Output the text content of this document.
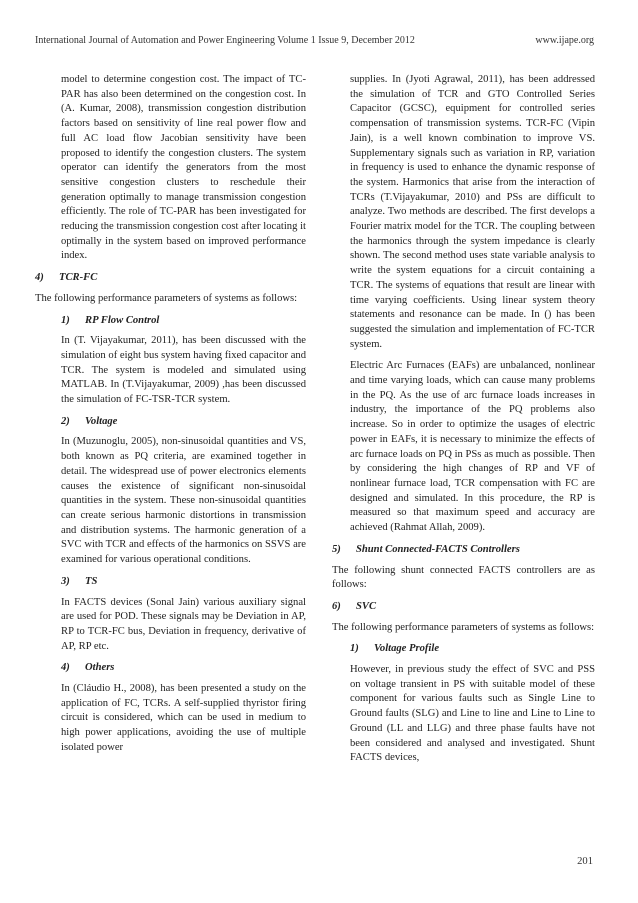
International Journal of Automation and Power Engineering Volume 1 Issue 9, December 2012	www.ijape.org

model to determine congestion cost. The impact of TC-PAR has also been determined on the congestion cost. In (A. Kumar, 2008), transmission congestion distribution factors based on sensitivity of line real power flow and full AC load flow Jacobian sensitivity have been proposed to identify the congestion clusters. The system operator can identify the generators from the most sensitive congestion clusters to reschedule their generation optimally to manage transmission congestion efficiently. The role of TC-PAR has been investigated for reducing the transmission congestion cost after locating it optimally in the system based on improved performance index.

4) TCR-FC

The following performance parameters of systems as follows:

1) RP Flow Control

In (T. Vijayakumar, 2011), has been discussed with the simulation of eight bus system having fixed capacitor and TCR. The system is modeled and simulated using MATLAB. In (T.Vijayakumar, 2009) ,has been discussed the simulation of FC-TSR-TCR system.

2) Voltage

In (Muzunoglu, 2005), non-sinusoidal quantities and VS, both known as PQ criteria, are examined together in detail. The widespread use of power electronics elements causes the existence of significant non-sinusoidal quantities in the system. These non-sinusoidal quantities can create serious harmonic distortions in transmission and distribution systems. The harmonic generation of a SVC with TCR and effects of the harmonics on SSVS are examined for various operational conditions.

3) TS

In FACTS devices (Sonal Jain) various auxiliary signal are used for POD. These signals may be Deviation in AP, RP to TCR-FC bus, Deviation in frequency, derivative of AP, RP etc.

4) Others

In (Cláudio H., 2008), has been presented a study on the application of FC, TCRs. A self-supplied thyristor firing circuit is considered, which can be used in medium to high power applications, avoiding the use of multiple isolated power

supplies. In (Jyoti Agrawal, 2011), has been addressed the simulation of TCR and GTO Controlled Series Capacitor (GCSC), equipment for controlled series compensation of transmission systems. TCR-FC (Vipin Jain), is a well known combination to improve VS. Supplementary signals such as variation in RP, variation in frequency is used to enhance the dynamic response of the system. Harmonics that arise from the interaction of TCRs (T.Vijayakumar, 2010) and PSs are difficult to analyze. Two methods are described. The first develops a Fourier matrix model for the TCR. The coupling between the harmonics through the system impedance is clearly shown. The second method uses state variable analysis to write the system equations for a circuit containing a TCR. The systems of equations that result are linear with time varying coefficients. Using linear system theory statements and resonance can be made. In () has been suggested the simulation and implementation of FC-TCR system.

Electric Arc Furnaces (EAFs) are unbalanced, nonlinear and time varying loads, which can cause many problems in the PQ. As the use of arc furnace loads increases in industry, the importance of the PQ problems also increase. So in order to optimize the usages of electric power in EAFs, it is necessary to minimize the effects of arc furnace loads on PQ in PSs as much as possible. Then by considering the high changes of RP and VF of nonlinear furnace load, TCR compensation with FC are designed and simulated. In this procedure, the RP is measured so that maximum speed and accuracy are achieved (Rahmat Allah, 2009).

5) Shunt Connected-FACTS Controllers

The following shunt connected FACTS controllers are as follows:

6) SVC

The following performance parameters of systems as follows:

1) Voltage Profile

However, in previous study the effect of SVC and PSS on voltage transient in PS with suitable model of these component for various faults such as Single Line to Ground faults (SLG) and Line to line and Line to Line to Ground (LL and LLG) and three phase faults have not been considered and analysed and investigated. Shunt FACTS devices,

201
